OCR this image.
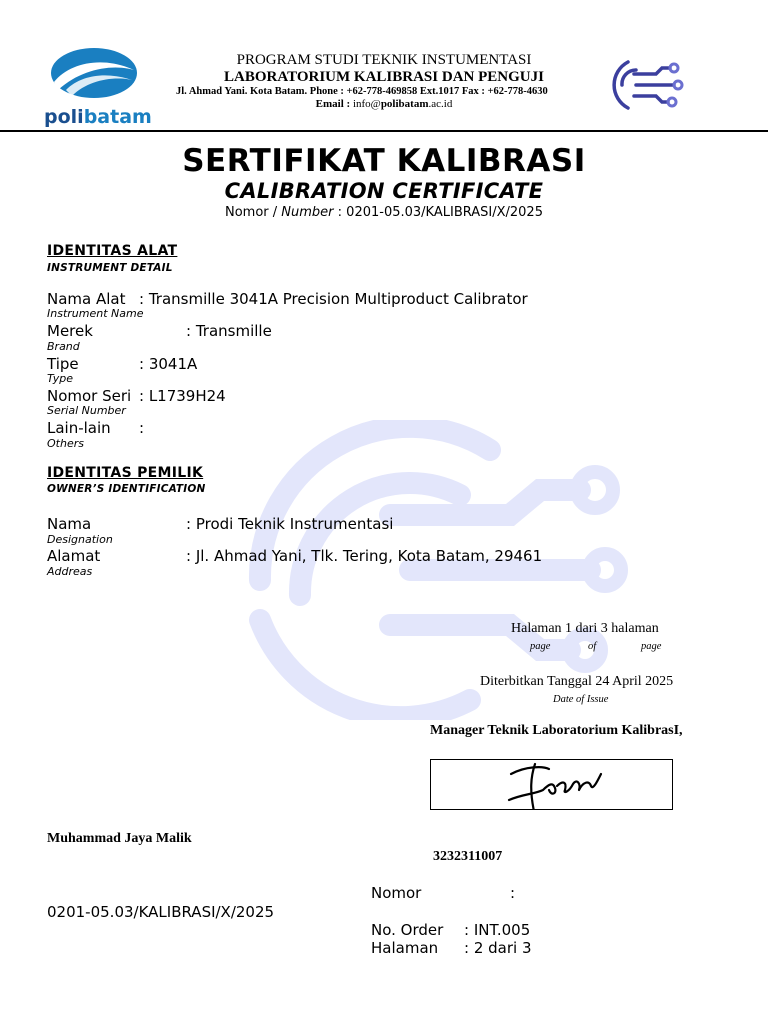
polibatam
PROGRAM STUDI TEKNIK INSTUMENTASI
LABORATORIUM KALIBRASI DAN PENGUJI
Jl. Ahmad Yani. Kota Batam. Phone : +62-778-469858 Ext.1017 Fax : +62-778-4630
Email : info@polibatam.ac.id
SERTIFIKAT KALIBRASI
CALIBRATION CERTIFICATE
Nomor / Number : 0201-05.03/KALIBRASI/X/2025
IDENTITAS ALAT
INSTRUMENT DETAIL
Nama Alat : Transmille 3041A Precision Multiproduct Calibrator
Instrument Name
Merek	: Transmille
Brand
Tipe	: 3041A
Type
Nomor Seri : L1739H24
Serial Number
Lain-lain :
Others
IDENTITAS PEMILIK
OWNER’S IDENTIFICATION
Nama	: Prodi Teknik Instrumentasi
Designation
Alamat	: Jl. Ahmad Yani, Tlk. Tering, Kota Batam, 29461
Addreas
Halaman 1 dari 3 halaman
page	of	page
Diterbitkan Tanggal 24 April 2025
Date of Issue
Manager Teknik Laboratorium KalibrasI,
Muhammad Jaya Malik
3232311007
Nomor	:
0201-05.03/KALIBRASI/X/2025
No. Order : INT.005
Halaman : 2 dari 3
